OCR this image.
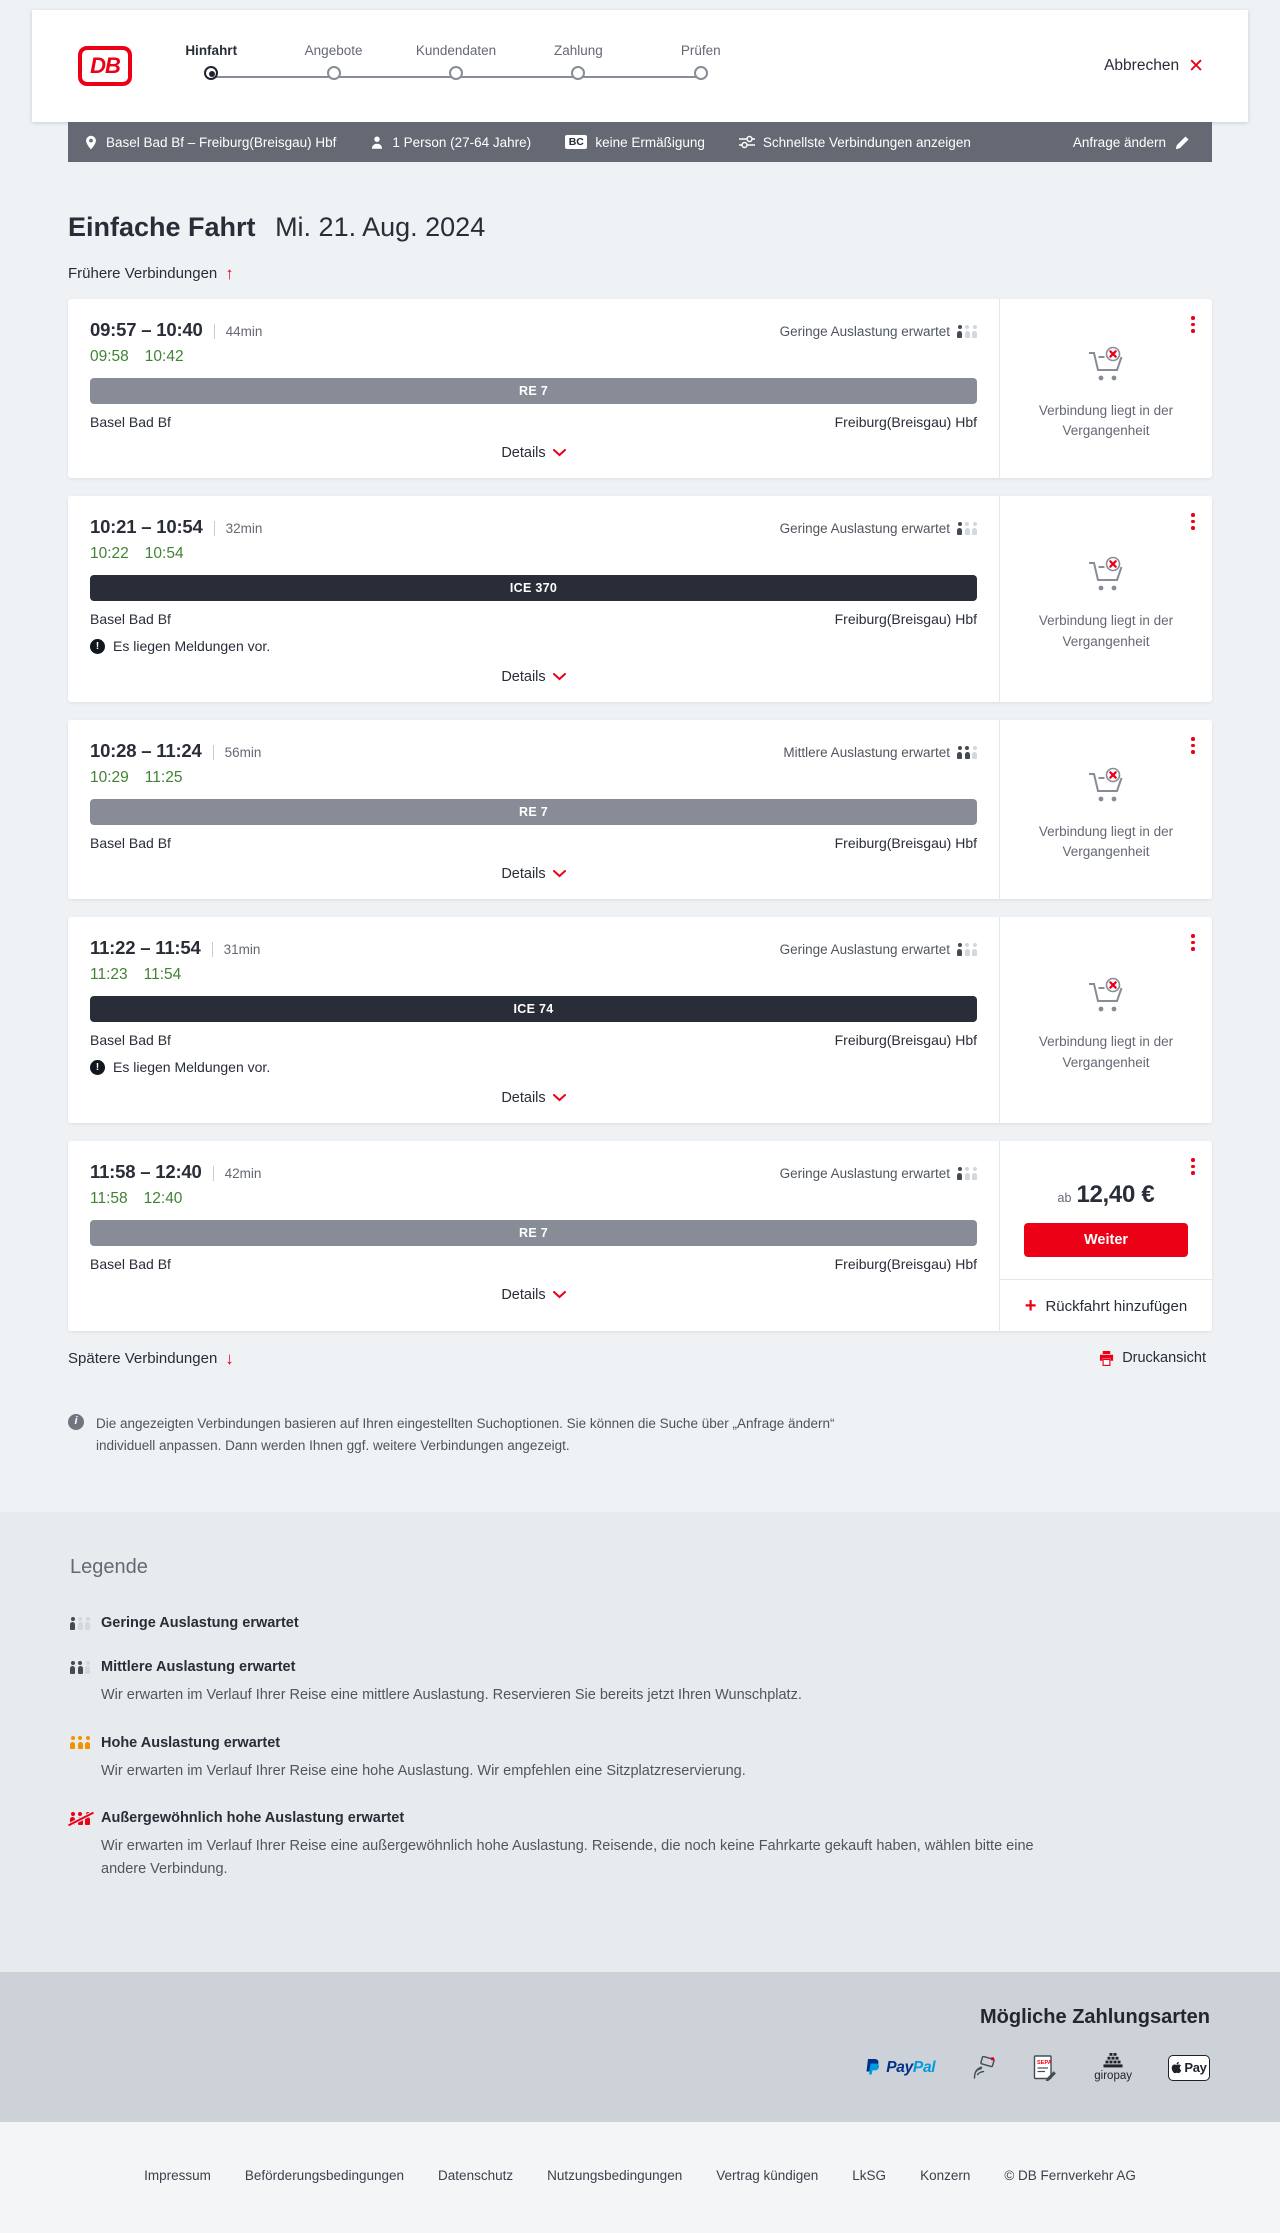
DB
Hinfahrt	Angebote	Kundendaten	Zahlung	Prüfen
Abbrechen ✕
Basel Bad Bf – Freiburg(Breisgau) Hbf	1 Person (27-64 Jahre)	BC keine Ermäßigung	Schnellste Verbindungen anzeigen	Anfrage ändern
Einfache Fahrt Mi. 21. Aug. 2024
Frühere Verbindungen ↑
09:57 – 10:40	44min	Geringe Auslastung erwartet
09:58 10:42
RE 7
Basel Bad Bf	Freiburg(Breisgau) Hbf
Details

Verbindung liegt in der Vergangenheit

10:21 – 10:54	32min	Geringe Auslastung erwartet
10:22 10:54
ICE 370
Basel Bad Bf	Freiburg(Breisgau) Hbf
! Es liegen Meldungen vor.
Details

Verbindung liegt in der Vergangenheit

10:28 – 11:24	56min	Mittlere Auslastung erwartet
10:29 11:25
RE 7
Basel Bad Bf	Freiburg(Breisgau) Hbf
Details

Verbindung liegt in der Vergangenheit

11:22 – 11:54	31min	Geringe Auslastung erwartet
11:23 11:54
ICE 74
Basel Bad Bf	Freiburg(Breisgau) Hbf
! Es liegen Meldungen vor.
Details

Verbindung liegt in der Vergangenheit

11:58 – 12:40	42min	Geringe Auslastung erwartet
11:58 12:40
RE 7
Basel Bad Bf	Freiburg(Breisgau) Hbf
Details
ab 12,40 €
Weiter
+ Rückfahrt hinzufügen
Spätere Verbindungen ↓	Druckansicht
i	Die angezeigten Verbindungen basieren auf Ihren eingestellten Suchoptionen. Sie können die Suche über „Anfrage ändern“ individuell anpassen. Dann werden Ihnen ggf. weitere Verbindungen angezeigt.

Legende
Geringe Auslastung erwartet
Mittlere Auslastung erwartet
Wir erwarten im Verlauf Ihrer Reise eine mittlere Auslastung. Reservieren Sie bereits jetzt Ihren Wunschplatz.
Hohe Auslastung erwartet
Wir erwarten im Verlauf Ihrer Reise eine hohe Auslastung. Wir empfehlen eine Sitzplatzreservierung.
Außergewöhnlich hohe Auslastung erwartet
Wir erwarten im Verlauf Ihrer Reise eine außergewöhnlich hohe Auslastung. Reisende, die noch keine Fahrkarte gekauft haben, wählen bitte eine andere Verbindung.
Mögliche Zahlungsarten
PayPal	SEPA
giropay
Pay
Impressum	Beförderungsbedingungen	Datenschutz	Nutzungsbedingungen	Vertrag kündigen	LkSG	Konzern	© DB Fernverkehr AG
